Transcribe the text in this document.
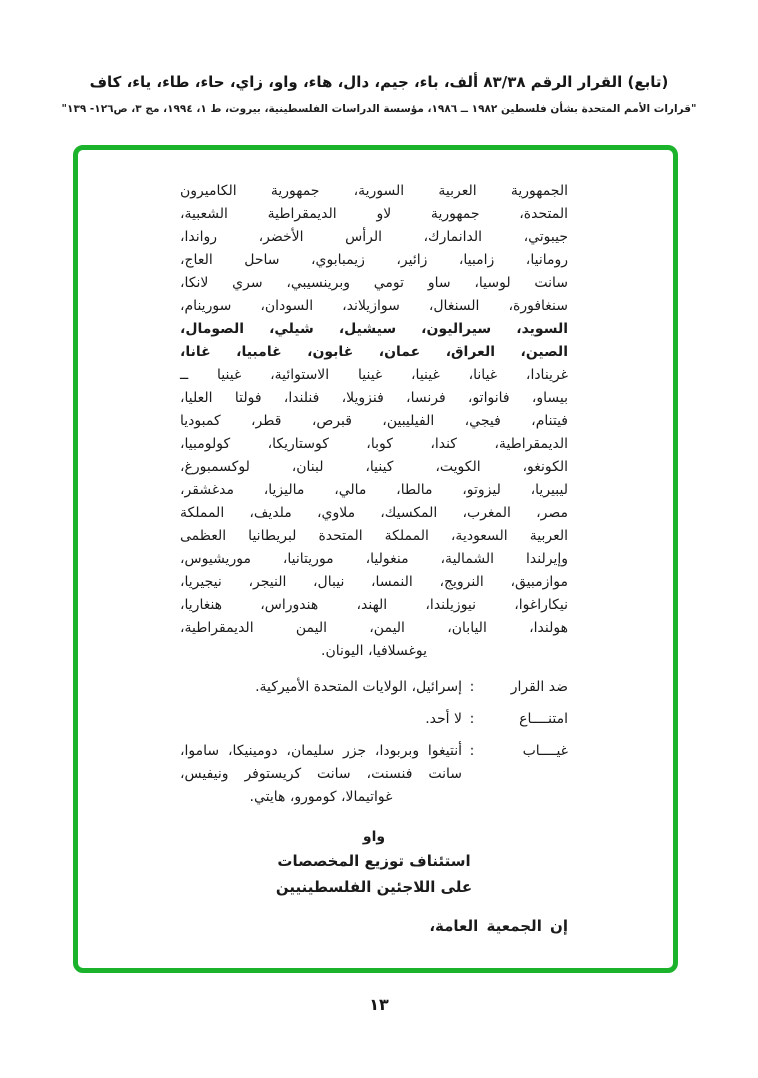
(تابع) القرار الرقم ٨٣/٣٨ ألف، باء، جيم، دال، هاء، واو، زاي، حاء، طاء، ياء، كاف
"قرارات الأمم المتحدة بشأن فلسطين ١٩٨٢ ــ ١٩٨٦، مؤسسة الدراسات الفلسطينية، بيروت، ط ١، ١٩٩٤، مج ٣، ص١٢٦- ١٣٩"
الجمهورية العربية السورية، جمهورية الكاميرون
المتحدة، جمهورية لاو الديمقراطية الشعبية،
جيبوتي، الدانمارك، الرأس الأخضر، رواندا،
رومانيا، زامبيا، زائير، زيمبابوي، ساحل العاج،
سانت لوسيا، ساو تومي وبرينسيبي، سري لانكا،
سنغافورة، السنغال، سوازيلاند، السودان، سورينام،
السويد، سيراليون، سيشيل، شيلي، الصومال،
الصين، العراق، عمان، غابون، غامبيا، غانا،
غرينادا، غيانا، غينيا، غينيا الاستوائية، غينيا ــ
بيساو، فانواتو، فرنسا، فنزويلا، فنلندا، فولتا العليا،
فيتنام، فيجي، الفيليبين، قبرص، قطر، كمبوديا
الديمقراطية، كندا، كوبا، كوستاريكا، كولومبيا،
الكونغو، الكويت، كينيا، لبنان، لوكسمبورغ،
ليبيريا، ليزوتو، مالطا، مالي، ماليزيا، مدغشقر،
مصر، المغرب، المكسيك، ملاوي، ملديف، المملكة
العربية السعودية، المملكة المتحدة لبريطانيا العظمى
وإيرلندا الشمالية، منغوليا، موريتانيا، موريشيوس،
موازمبيق، النرويج، النمسا، نيبال، النيجر، نيجيريا،
نيكاراغوا، نيوزيلندا، الهند، هندوراس، هنغاريا،
هولندا، اليابان، اليمن، اليمن الديمقراطية،
يوغسلافيا، اليونان.
ضد القرار
:
إسرائيل، الولايات المتحدة الأميركية.
امتنــــاع
:
لا أحد.
غيــــاب
:
أنتيغوا وبربودا، جزر سليمان، دومينيكا، ساموا،
سانت فنسنت، سانت كريستوفر ونيفيس،
غواتيمالا، كومورو، هايتي.
واو
استئناف توزيع المخصصات
على اللاجئين الفلسطينيين
إن الجمعية العامة،
١٣
